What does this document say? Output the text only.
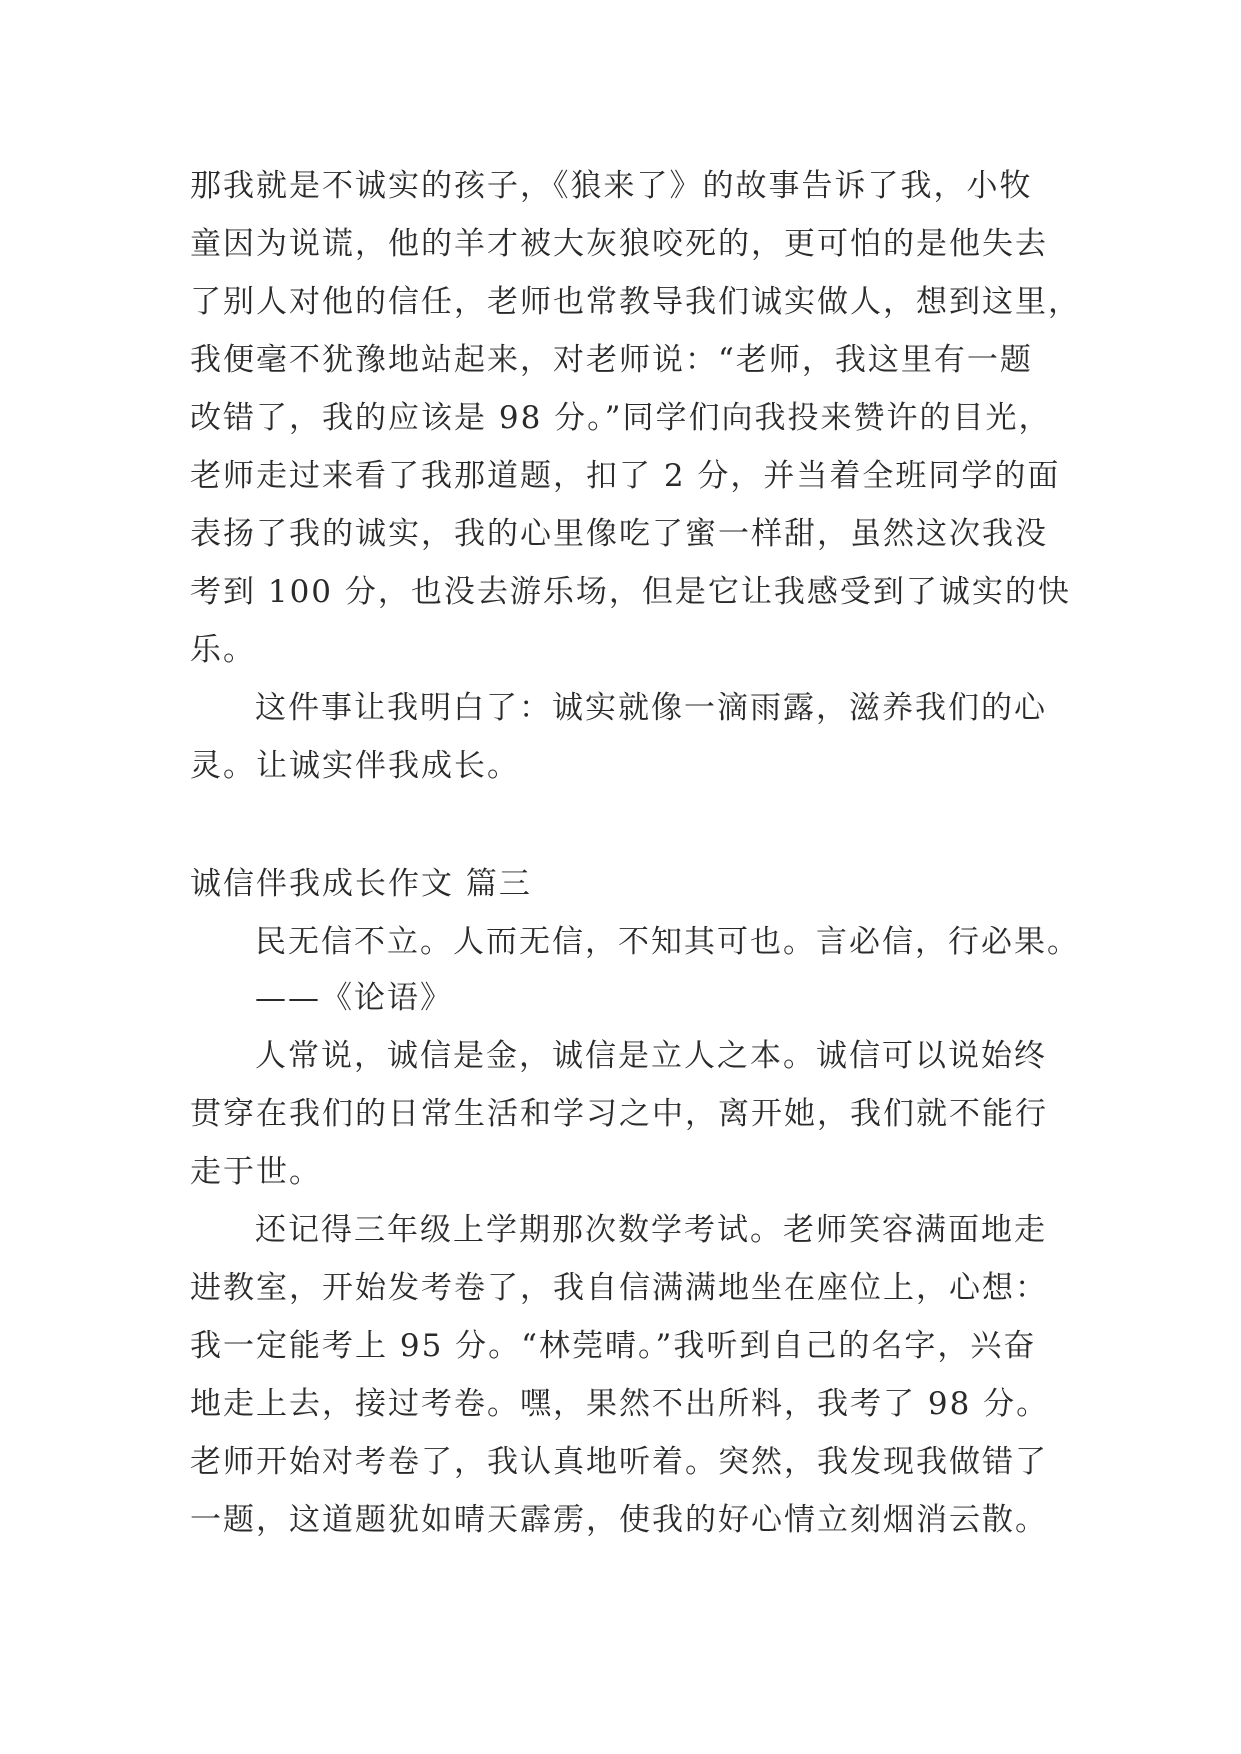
那我就是不诚实的孩子，《狼来了》的故事告诉了我，小牧
童因为说谎，他的羊才被大灰狼咬死的，更可怕的是他失去
了别人对他的信任，老师也常教导我们诚实做人，想到这里，
我便毫不犹豫地站起来，对老师说：“老师，我这里有一题
改错了，我的应该是 98 分。”同学们向我投来赞许的目光，
老师走过来看了我那道题，扣了 2 分，并当着全班同学的面
表扬了我的诚实，我的心里像吃了蜜一样甜，虽然这次我没
考到 100 分，也没去游乐场，但是它让我感受到了诚实的快
乐。
这件事让我明白了：诚实就像一滴雨露，滋养我们的心
灵。让诚实伴我成长。
诚信伴我成长作文 篇三
民无信不立。人而无信，不知其可也。言必信，行必果。
——《论语》
人常说，诚信是金，诚信是立人之本。诚信可以说始终
贯穿在我们的日常生活和学习之中，离开她，我们就不能行
走于世。
还记得三年级上学期那次数学考试。老师笑容满面地走
进教室，开始发考卷了，我自信满满地坐在座位上，心想：
我一定能考上 95 分。“林莞晴。”我听到自己的名字，兴奋
地走上去，接过考卷。嘿，果然不出所料，我考了 98 分。
老师开始对考卷了，我认真地听着。突然，我发现我做错了
一题，这道题犹如晴天霹雳，使我的好心情立刻烟消云散。
